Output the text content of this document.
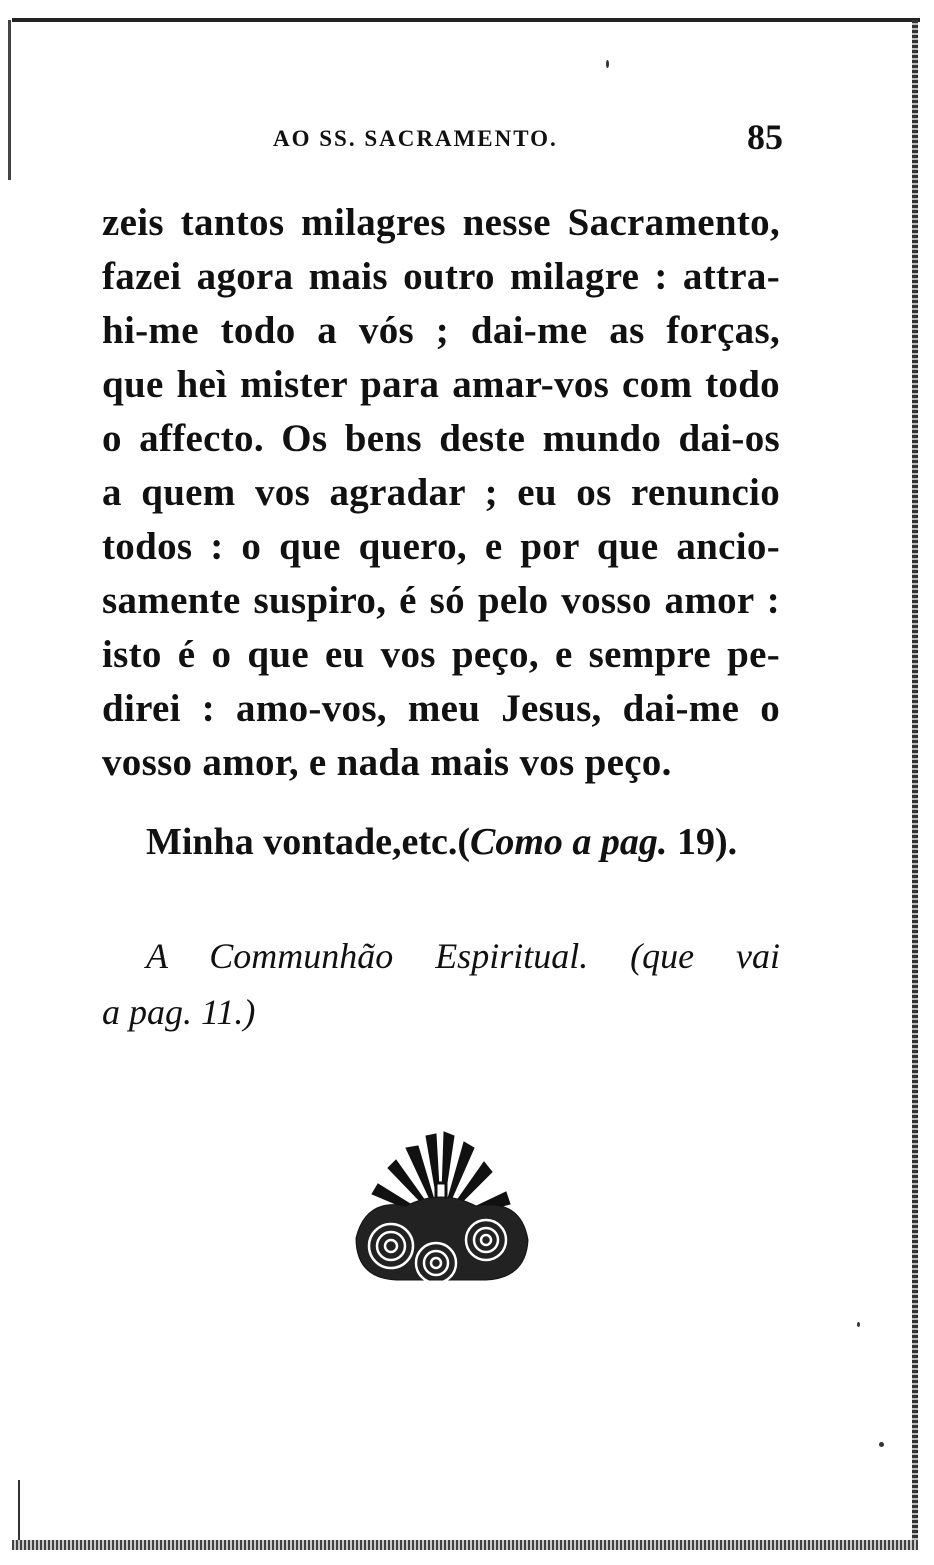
AO SS. SACRAMENTO.	85
zeis tantos milagres nesse Sacramento,
fazei agora mais outro milagre : attra-
hi-me todo a vós ; dai-me as forças,
que heì mister para amar-vos com todo
o affecto. Os bens deste mundo dai-os
a quem vos agradar ; eu os renuncio
todos : o que quero, e por que ancio-
samente suspiro, é só pelo vosso amor :
isto é o que eu vos peço, e sempre pe-
direi : amo-vos, meu Jesus, dai-me o
vosso amor, e nada mais vos peço.
Minha vontade,etc.(Como a pag. 19).
A Communhão Espiritual. (que vai
a pag. 11.)
